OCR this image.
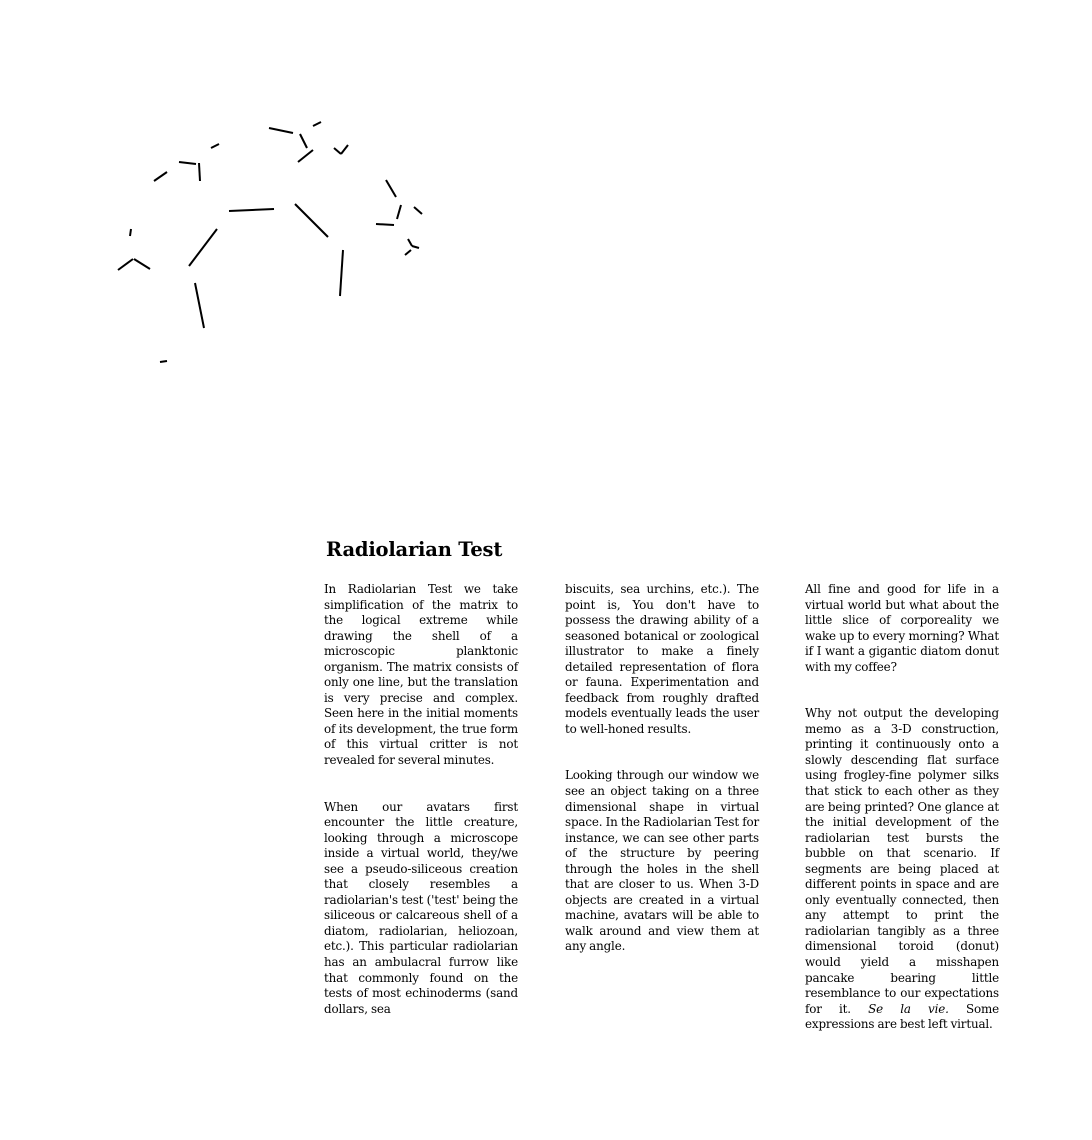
Radiolarian Test

In Radiolarian Test we take simplification of the matrix to the logical extreme while drawing the shell of a microscopic planktonic organism. The matrix consists of only one line, but the translation is very precise and complex. Seen here in the initial moments of its development, the true form of this virtual critter is not revealed for several minutes.

When our avatars first encounter the little creature, looking through a microscope inside a virtual world, they/we see a pseudo-siliceous creation that closely resembles a radiolarian's test ('test' being the siliceous or calcareous shell of a diatom, radiolarian, heliozoan, etc.). This particular radiolarian has an ambulacral furrow like that commonly found on the tests of most echinoderms (sand dollars, sea

biscuits, sea urchins, etc.). The point is, You don't have to possess the drawing ability of a seasoned botanical or zoological illustrator to make a finely detailed representation of flora or fauna. Experimentation and feedback from roughly drafted models eventually leads the user to well-honed results.

Looking through our window we see an object taking on a three dimensional shape in virtual space. In the Radiolarian Test for instance, we can see other parts of the structure by peering through the holes in the shell that are closer to us. When 3-D objects are created in a virtual machine, avatars will be able to walk around and view them at any angle.

All fine and good for life in a virtual world but what about the little slice of corporeality we wake up to every morning? What if I want a gigantic diatom donut with my coffee?

Why not output the developing memo as a 3-D construction, printing it continuously onto a slowly descending flat surface using frogley-fine polymer silks that stick to each other as they are being printed? One glance at the initial development of the radiolarian test bursts the bubble on that scenario. If segments are being placed at different points in space and are only eventually connected, then any attempt to print the radiolarian tangibly as a three dimensional toroid (donut) would yield a misshapen pancake bearing little resemblance to our expectations for it. Se la vie. Some expressions are best left virtual.
